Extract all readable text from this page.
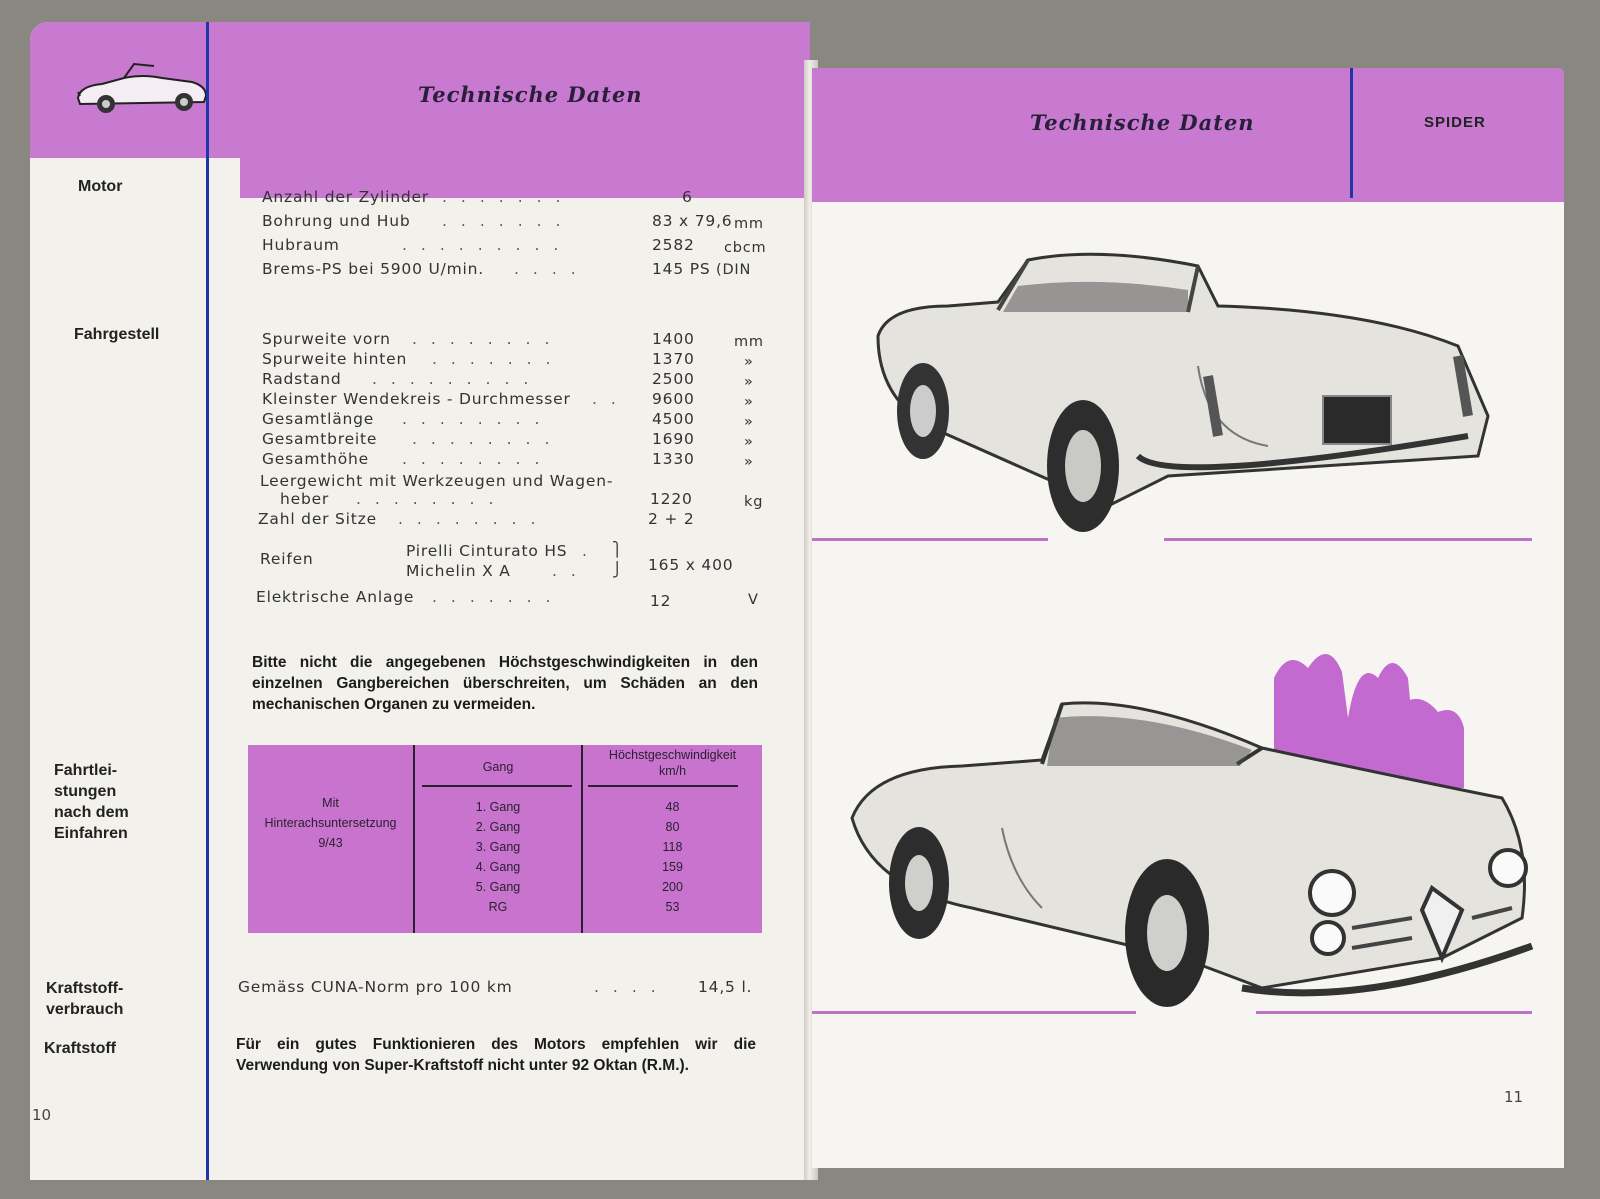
Technische Daten
Technische Daten	SPIDER
11
Motor
Fahrgestell
Fahrtlei-
stungen
nach dem
Einfahren
Kraftstoff-
verbrauch
Kraftstoff
Anzahl der Zylinder .......	6
Bohrung und Hub .......	83 x 79,6 mm
Hubraum	.........	2582 cbcm
Brems-PS bei 5900 U/min. ....	145 PS (DIN
Spurweite vorn ........	1400	mm
Spurweite hinten .......	1370	»
Radstand .........	2500	»
Kleinster Wendekreis - Durchmesser .. 9600	»
Gesamtlänge ........	4500	»
Gesamtbreite ........	1690	»
Gesamthöhe ........	1330	»
Leergewicht mit Werkzeugen und Wagen-
heber ........	1220	kg
Zahl der Sitze ........	2 + 2
Reifen	Pirelli Cinturato HS . ⎫
Michelin X A	.. ⎭ 165 x 400
Elektrische Anlage .......	12	V
Bitte nicht die angegebenen Höchstgeschwindigkeiten in den einzelnen Gangbereichen überschreiten, um Schäden an den mechanischen Organen zu vermeiden.
Mit
Hinterachsuntersetzung
9/43
Gang
Höchstgeschwindigkeit
km/h
1. Gang	48
2. Gang	80
3. Gang	118
4. Gang	159
5. Gang	200
RG	53
Gemäss CUNA-Norm pro 100 km	.... 14,5 l.
Für ein gutes Funktionieren des Motors empfehlen wir die Verwendung von Super-Kraftstoff nicht unter 92 Oktan (R.M.).
10
